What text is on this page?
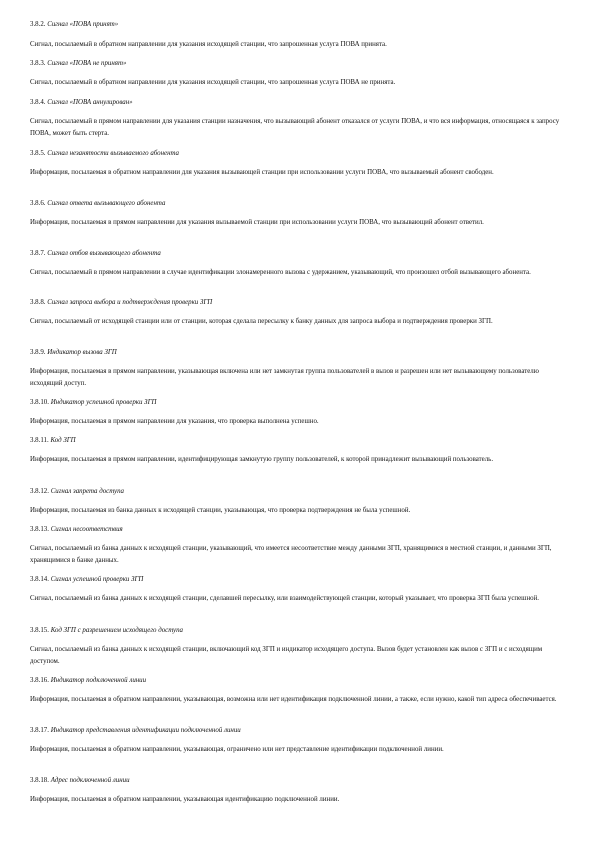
3.8.2. Сигнал «ПОВА принят»
Сигнал, посылаемый в обратном направлении для указания исходящей станции, что запрошенная услуга ПОВА принята.
3.8.3. Сигнал «ПОВА не принят»
Сигнал, посылаемый в обратном направлении для указания исходящей станции, что запрошенная услуга ПОВА не принята.
3.8.4. Сигнал «ПОВА аннулирован»
Сигнал, посылаемый в прямом направлении для указания станции назначения, что вызывающий абонент отказался от услуги ПОВА, и что вся информация, относящаяся к запросу ПОВА, может быть стерта.
3.8.5. Сигнал незанятости вызываемого абонента
Информация, посылаемая в обратном направлении для указания вызывающей станции при использовании услуги ПОВА, что вызываемый абонент свободен.
3.8.6. Сигнал ответа вызывающего абонента
Информация, посылаемая в прямом направлении для указания вызываемой станции при использовании услуги ПОВА, что вызывающий абонент ответил.
3.8.7. Сигнал отбоя вызывающего абонента
Сигнал, посылаемый в прямом направлении в случае идентификации злонамеренного вызова с удержанием, указывающий, что произошел отбой вызывающего абонента.
3.8.8. Сигнал запроса выбора и подтверждения проверки ЗГП
Сигнал, посылаемый от исходящей станции или от станции, которая сделала пересылку к банку данных для запроса выбора и подтверждения проверки ЗГП.
3.8.9. Индикатор вызова ЗГП
Информация, посылаемая в прямом направлении, указывающая включена или нет замкнутая группа пользователей в вызов и разрешен или нет вызывающему пользователю исходящий доступ.
3.8.10. Индикатор успешной проверки ЗГП
Информация, посылаемая в прямом направлении для указания, что проверка выполнена успешно.
3.8.11. Код ЗГП
Информация, посылаемая в прямом направлении, идентифицирующая замкнутую группу пользователей, к которой принадлежит вызывающий пользователь.
3.8.12. Сигнал запрета доступа
Информация, посылаемая из банка данных к исходящей станции, указывающая, что проверка подтверждения не была успешной.
3.8.13. Сигнал несоответствия
Сигнал, посылаемый из банка данных к исходящей станции, указывающий, что имеется несоответствие между данными ЗГП, хранящимися в местной станции, и данными ЗГП, хранящимися в банке данных.
3.8.14. Сигнал успешной проверки ЗГП
Сигнал, посылаемый из банка данных к исходящей станции, сделавшей пересылку, или взаимодействующей станции, который указывает, что проверка ЗГП была успешной.
3.8.15. Код ЗГП с разрешением исходящего доступа
Сигнал, посылаемый из банка данных к исходящей станции, включающий код ЗГП и индикатор исходящего доступа. Вызов будет установлен как вызов с ЗГП и с исходящим доступом.
3.8.16. Индикатор подключенной линии
Информация, посылаемая в обратном направлении, указывающая, возможна или нет идентификация подключенной линии, а также, если нужно, какой тип адреса обеспечивается.
3.8.17. Индикатор представления идентификации подключенной линии
Информация, посылаемая в обратном направлении, указывающая, ограничено или нет представление идентификации подключенной линии.
3.8.18. Адрес подключенной линии
Информация, посылаемая в обратном направлении, указывающая идентификацию подключенной линии.
